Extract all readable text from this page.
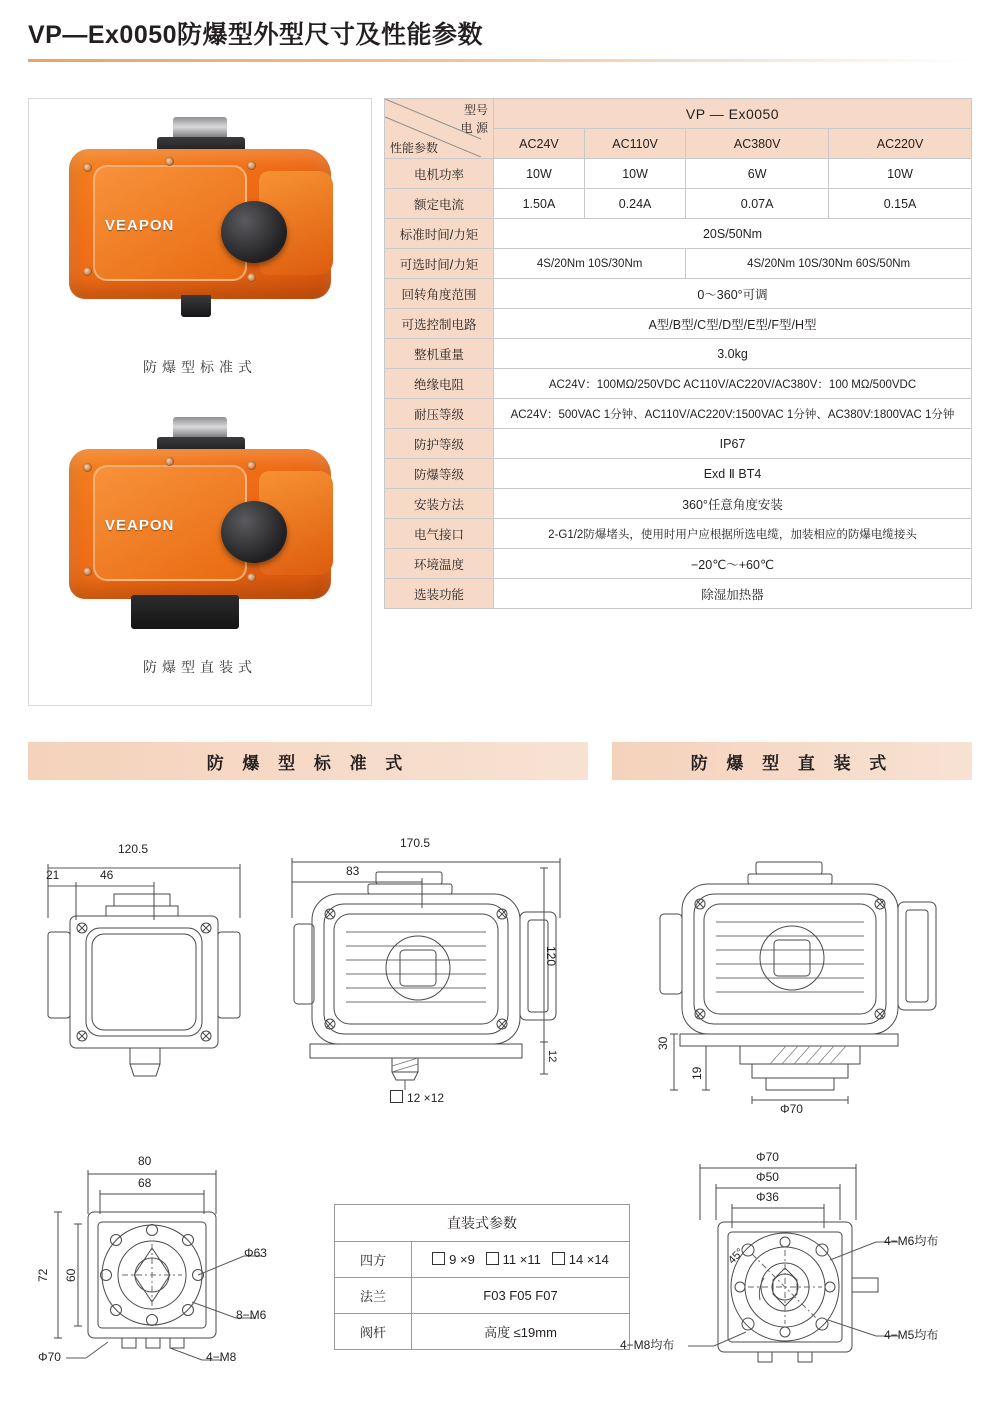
VP—Ex0050防爆型外型尺寸及性能参数
VEAPON
防爆型标准式
VEAPON
防爆型直装式
型号
电 源
性能参数	VP — Ex0050			
	AC24V	AC110V	AC380V	AC220V
电机功率	10W	10W	6W	10W
额定电流	1.50A	0.24A	0.07A	0.15A
标准时间/力矩	20S/50Nm			
可选时间/力矩	4S/20Nm 10S/30Nm		4S/20Nm 10S/30Nm 60S/50Nm	
回转角度范围	0～360°可调			
可选控制电路	A型/B型/C型/D型/E型/F型/H型			
整机重量	3.0kg			
绝缘电阻	AC24V：100MΩ/250VDC AC110V/AC220V/AC380V：100 MΩ/500VDC			
耐压等级	AC24V：500VAC 1分钟、AC110V/AC220V:1500VAC 1分钟、AC380V:1800VAC 1分钟			
防护等级	IP67			
防爆等级	Exd Ⅱ BT4			
安装方法	360°任意角度安装			
电气接口	2-G1/2防爆堵头，使用时用户应根据所选电缆，加装相应的防爆电缆接头			
环境温度	−20℃～+60℃			
选装功能	除湿加热器			
防 爆 型 标 准 式	防 爆 型 直 装 式
120.5
21	46
170.5
83
120
12
12 ×12
30
19
Φ70
80
68
72 60
Φ63
8−M6
4−M8
Φ70
直装式参数	
四方	9 ×9 11 ×11 14 ×14
法兰	F03 F05 F07
阀杆	高度 ≤19mm
Φ70
Φ50
Φ36
45°
4−M6均布
4−M5均布
4−M8均布
